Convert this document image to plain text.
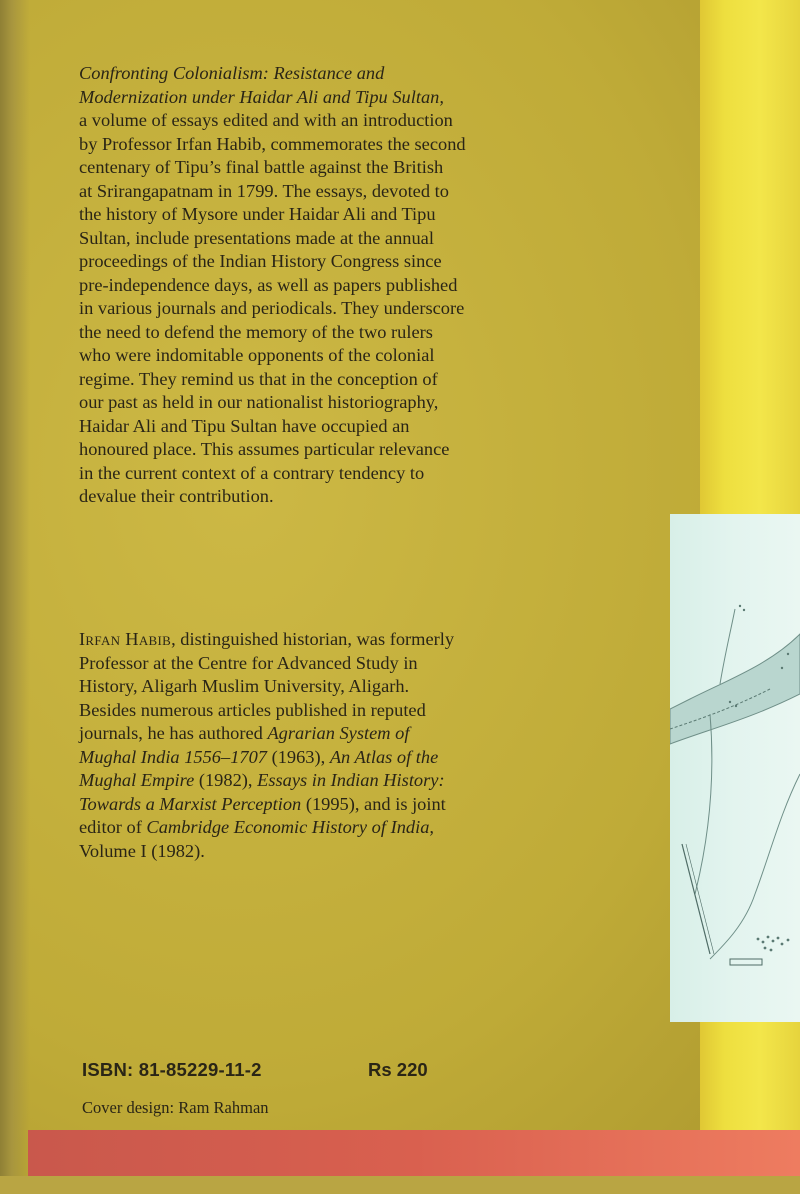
Confronting Colonialism: Resistance and
Modernization under Haidar Ali and Tipu Sultan,
a volume of essays edited and with an introduction
by Professor Irfan Habib, commemorates the second
centenary of Tipu’s final battle against the British
at Srirangapatnam in 1799. The essays, devoted to
the history of Mysore under Haidar Ali and Tipu
Sultan, include presentations made at the annual
proceedings of the Indian History Congress since
pre-independence days, as well as papers published
in various journals and periodicals. They underscore
the need to defend the memory of the two rulers
who were indomitable opponents of the colonial
regime. They remind us that in the conception of
our past as held in our nationalist historiography,
Haidar Ali and Tipu Sultan have occupied an
honoured place. This assumes particular relevance
in the current context of a contrary tendency to
devalue their contribution.
Irfan Habib, distinguished historian, was formerly
Professor at the Centre for Advanced Study in
History, Aligarh Muslim University, Aligarh.
Besides numerous articles published in reputed
journals, he has authored Agrarian System of
Mughal India 1556–1707 (1963), An Atlas of the
Mughal Empire (1982), Essays in Indian History:
Towards a Marxist Perception (1995), and is joint
editor of Cambridge Economic History of India,
Volume I (1982).
ISBN: 81-85229-11-2	Rs 220
Cover design: Ram Rahman
